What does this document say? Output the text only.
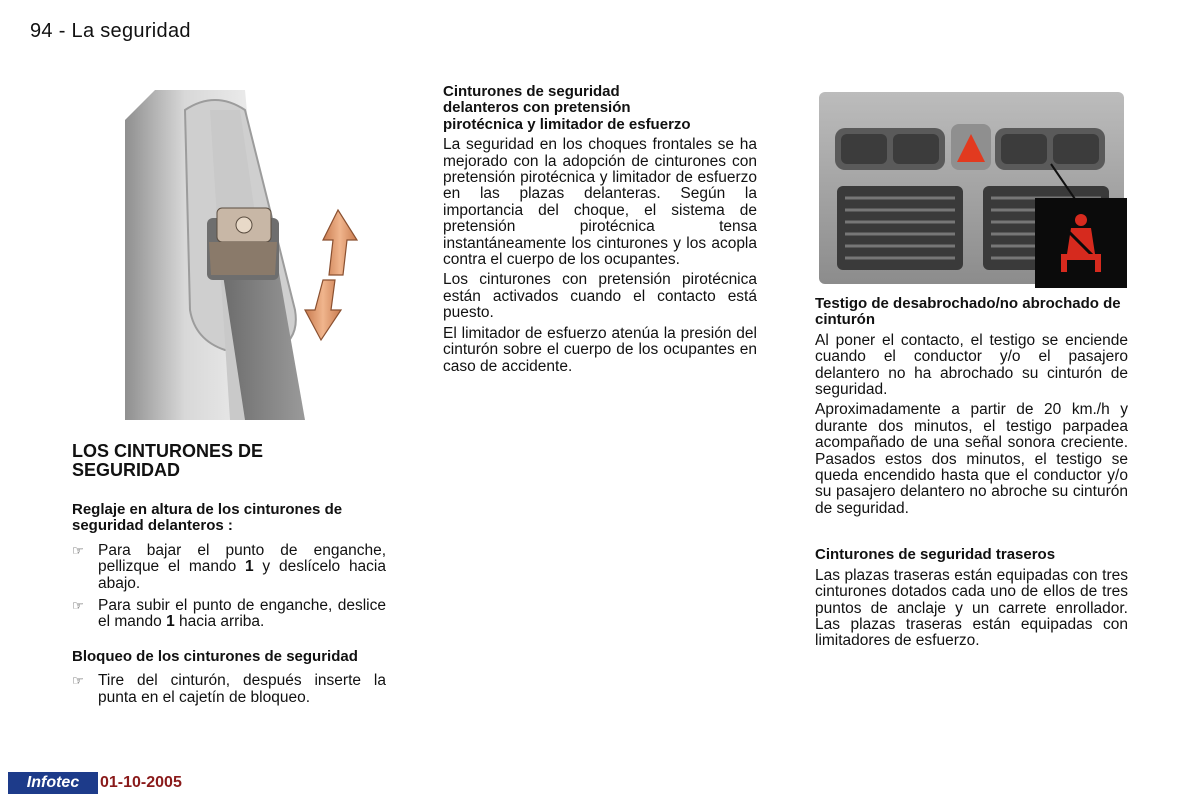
94 - La seguridad
LOS CINTURONES DE
SEGURIDAD
Reglaje en altura de los cinturones de seguridad delanteros :
☞ Para bajar el punto de enganche, pellizque el mando 1 y deslícelo hacia abajo.
☞ Para subir el punto de enganche, deslice el mando 1 hacia arriba.
Bloqueo de los cinturones de seguridad
☞ Tire del cinturón, después inserte la punta en el cajetín de bloqueo.
Cinturones de seguridad delanteros con pretensión pirotécnica y limitador de esfuerzo

La seguridad en los choques frontales se ha mejorado con la adopción de cinturones con pretensión pirotécnica y limitador de esfuerzo en las plazas delanteras. Según la importancia del choque, el sistema de pretensión pirotécnica tensa instantáneamente los cinturones y los acopla contra el cuerpo de los ocupantes.

Los cinturones con pretensión pirotécnica están activados cuando el contacto está puesto.

El limitador de esfuerzo atenúa la presión del cinturón sobre el cuerpo de los ocupantes en caso de accidente.

Testigo de desabrochado/no abrochado de cinturón

Al poner el contacto, el testigo se enciende cuando el conductor y/o el pasajero delantero no ha abrochado su cinturón de seguridad.

Aproximadamente a partir de 20 km./h y durante dos minutos, el testigo parpadea acompañado de una señal sonora creciente. Pasados estos dos minutos, el testigo se queda encendido hasta que el conductor y/o su pasajero delantero no abroche su cinturón de seguridad.

Cinturones de seguridad traseros

Las plazas traseras están equipadas con tres cinturones dotados cada uno de ellos de tres puntos de anclaje y un carrete enrollador. Las plazas traseras están equipadas con limitadores de esfuerzo.

Infotec	01-10-2005
